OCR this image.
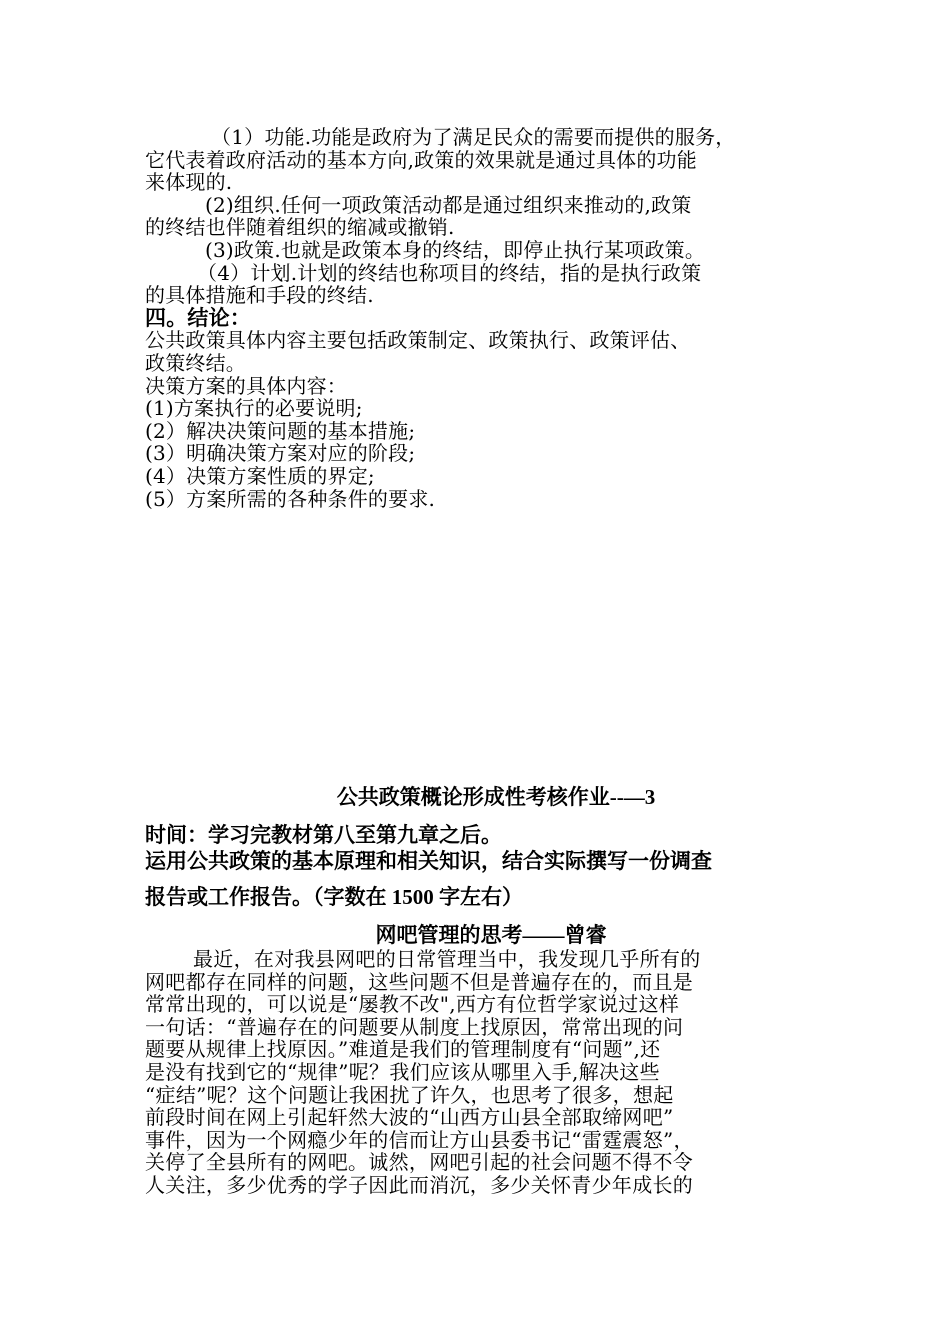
（1）功能.功能是政府为了满足民众的需要而提供的服务，
它代表着政府活动的基本方向,政策的效果就是通过具体的功能
来体现的.
(2)组织.任何一项政策活动都是通过组织来推动的,政策
的终结也伴随着组织的缩减或撤销.
(3)政策.也就是政策本身的终结，即停止执行某项政策。
（4）计划.计划的终结也称项目的终结，指的是执行政策
的具体措施和手段的终结.
四。结论：
公共政策具体内容主要包括政策制定、政策执行、政策评估、
政策终结。
决策方案的具体内容：
(1)方案执行的必要说明;
(2）解决决策问题的基本措施;
(3）明确决策方案对应的阶段;
(4）决策方案性质的界定;
(5）方案所需的各种条件的要求.
公共政策概论形成性考核作业--—3
时间：学习完教材第八至第九章之后。
运用公共政策的基本原理和相关知识，结合实际撰写一份调查
报告或工作报告。（字数在 1500 字左右）
网吧管理的思考——曾睿
最近，在对我县网吧的日常管理当中，我发现几乎所有的
网吧都存在同样的问题，这些问题不但是普遍存在的，而且是
常常出现的，可以说是“屡教不改",西方有位哲学家说过这样
一句话：“普遍存在的问题要从制度上找原因，常常出现的问
题要从规律上找原因。”难道是我们的管理制度有“问题”,还
是没有找到它的“规律”呢？我们应该从哪里入手,解决这些
“症结”呢？这个问题让我困扰了许久，也思考了很多，想起
前段时间在网上引起轩然大波的“山西方山县全部取缔网吧”
事件，因为一个网瘾少年的信而让方山县委书记“雷霆震怒”，
关停了全县所有的网吧。诚然，网吧引起的社会问题不得不令
人关注，多少优秀的学子因此而消沉，多少关怀青少年成长的
